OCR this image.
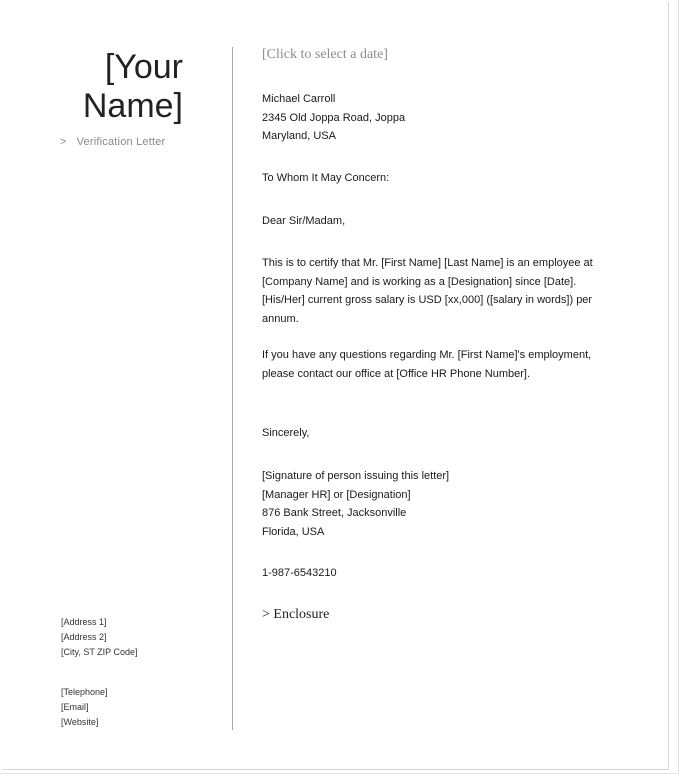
[Your
Name]
> Verification Letter
[Address 1]
[Address 2]
[City, ST ZIP Code]
[Telephone]
[Email]
[Website]
[Click to select a date]
Michael Carroll
2345 Old Joppa Road, Joppa
Maryland, USA
To Whom It May Concern:
Dear Sir/Madam,
This is to certify that Mr. [First Name] [Last Name] is an employee at
[Company Name] and is working as a [Designation] since [Date].
[His/Her] current gross salary is USD [xx,000] ([salary in words]) per
annum.
If you have any questions regarding Mr. [First Name]'s employment,
please contact our office at [Office HR Phone Number].
Sincerely,
[Signature of person issuing this letter]
[Manager HR] or [Designation]
876 Bank Street, Jacksonville
Florida, USA
1-987-6543210
> Enclosure
